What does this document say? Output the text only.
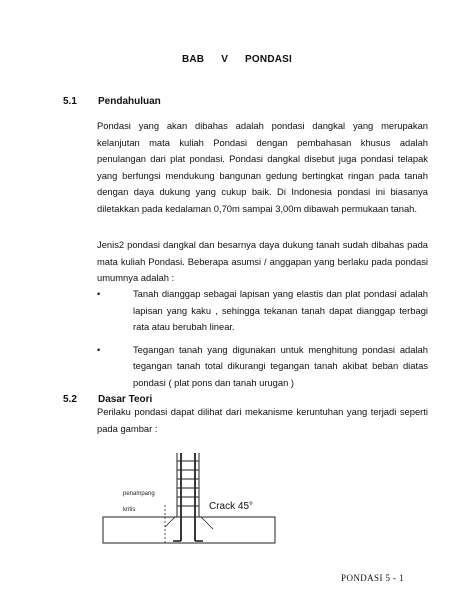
BAB V PONDASI
5.1 Pendahuluan

Pondasi yang akan dibahas adalah pondasi dangkal yang merupakan kelanjutan mata kuliah Pondasi dengan pembahasan khusus adalah penulangan dari plat pondasi. Pondasi dangkal disebut juga pondasi telapak yang berfungsi mendukung bangunan gedung bertingkat ringan pada tanah dengan daya dukung yang cukup baik. Di Indonesia pondasi ini biasanya diletakkan pada kedalaman 0,70m sampai 3,00m dibawah permukaan tanah.

Jenis2 pondasi dangkal dan besarnya daya dukung tanah sudah dibahas pada mata kuliah Pondasi. Beberapa asumsi / anggapan yang berlaku pada pondasi umumnya adalah :

•	Tanah dianggap sebagai lapisan yang elastis dan plat pondasi adalah lapisan yang kaku , sehingga tekanan tanah dapat dianggap terbagi rata atau berubah linear.
•	Tegangan tanah yang digunakan untuk menghitung pondasi adalah tegangan tanah total dikurangi tegangan tanah akibat beban diatas pondasi ( plat pons dan tanah urugan )
5.2 Dasar Teori

Perilaku pondasi dapat dilihat dari mekanisme keruntuhan yang terjadi seperti pada gambar :

penampang
kritis	Crack 45°
PONDASI 5 - 1
